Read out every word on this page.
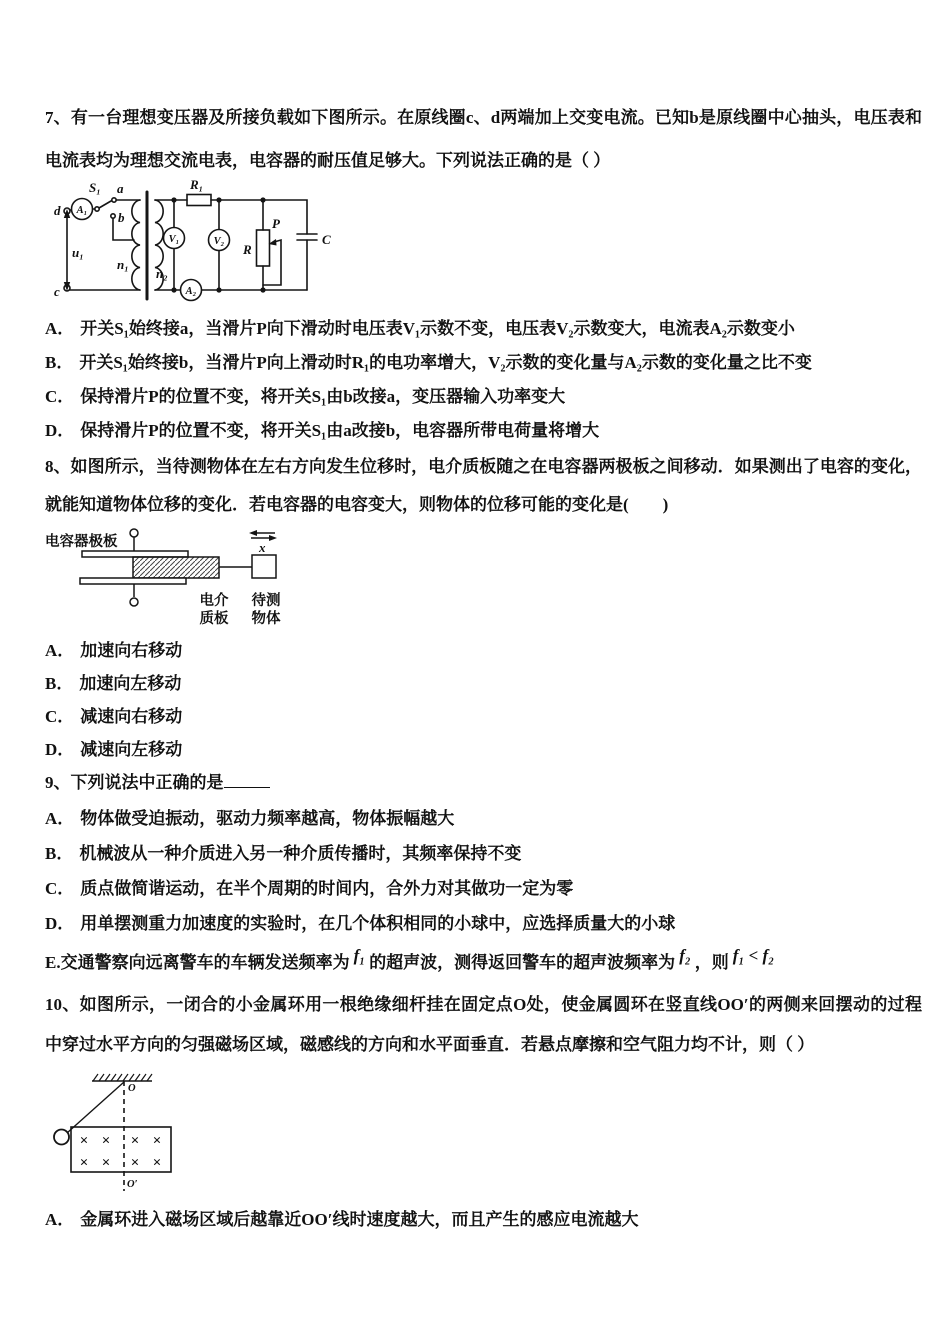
7、有一台理想变压器及所接负载如下图所示。在原线圈c、d两端加上交变电流。已知b是原线圈中心抽头，电压表和电流表均为理想交流电表，电容器的耐压值足够大。下列说法正确的是（ ）

d
c
u₁
n₁
S₁ a
b
n₂
R₁
R
P
C
A₁
V₁	V₂
A₂

A． 开关S₁始终接a，当滑片P向下滑动时电压表V₁示数不变，电压表V₂示数变大，电流表A₂示数变小

B． 开关S₁始终接b，当滑片P向上滑动时R₁的电功率增大，V₂示数的变化量与A₂示数的变化量之比不变

C． 保持滑片P的位置不变，将开关S₁由b改接a，变压器输入功率变大

D． 保持滑片P的位置不变，将开关S₁由a改接b，电容器所带电荷量将增大

8、如图所示，当待测物体在左右方向发生位移时，电介质板随之在电容器两极板之间移动．如果测出了电容的变化，就能知道物体位移的变化．若电容器的电容变大，则物体的位移可能的变化是(　　)

电容器极板	x
电介
质板
待测
物体

A． 加速向右移动

B． 加速向左移动

C． 减速向右移动

D． 减速向左移动

9、下列说法中正确的是

A． 物体做受迫振动，驱动力频率越高，物体振幅越大

B． 机械波从一种介质进入另一种介质传播时，其频率保持不变

C． 质点做简谐运动，在半个周期的时间内，合外力对其做功一定为零

D． 用单摆测重力加速度的实验时，在几个体积相同的小球中，应选择质量大的小球

E.交通警察向远离警车的车辆发送频率为 f₁ 的超声波，测得返回警车的超声波频率为 f₂ ，则 f₁ < f₂

10、如图所示，一闭合的小金属环用一根绝缘细杆挂在固定点O处，使金属圆环在竖直线OO′的两侧来回摆动的过程中穿过水平方向的匀强磁场区域，磁感线的方向和水平面垂直．若悬点摩擦和空气阻力均不计，则（ ）

O
O′
× × × ×
× × × ×

A． 金属环进入磁场区域后越靠近OO′线时速度越大，而且产生的感应电流越大
